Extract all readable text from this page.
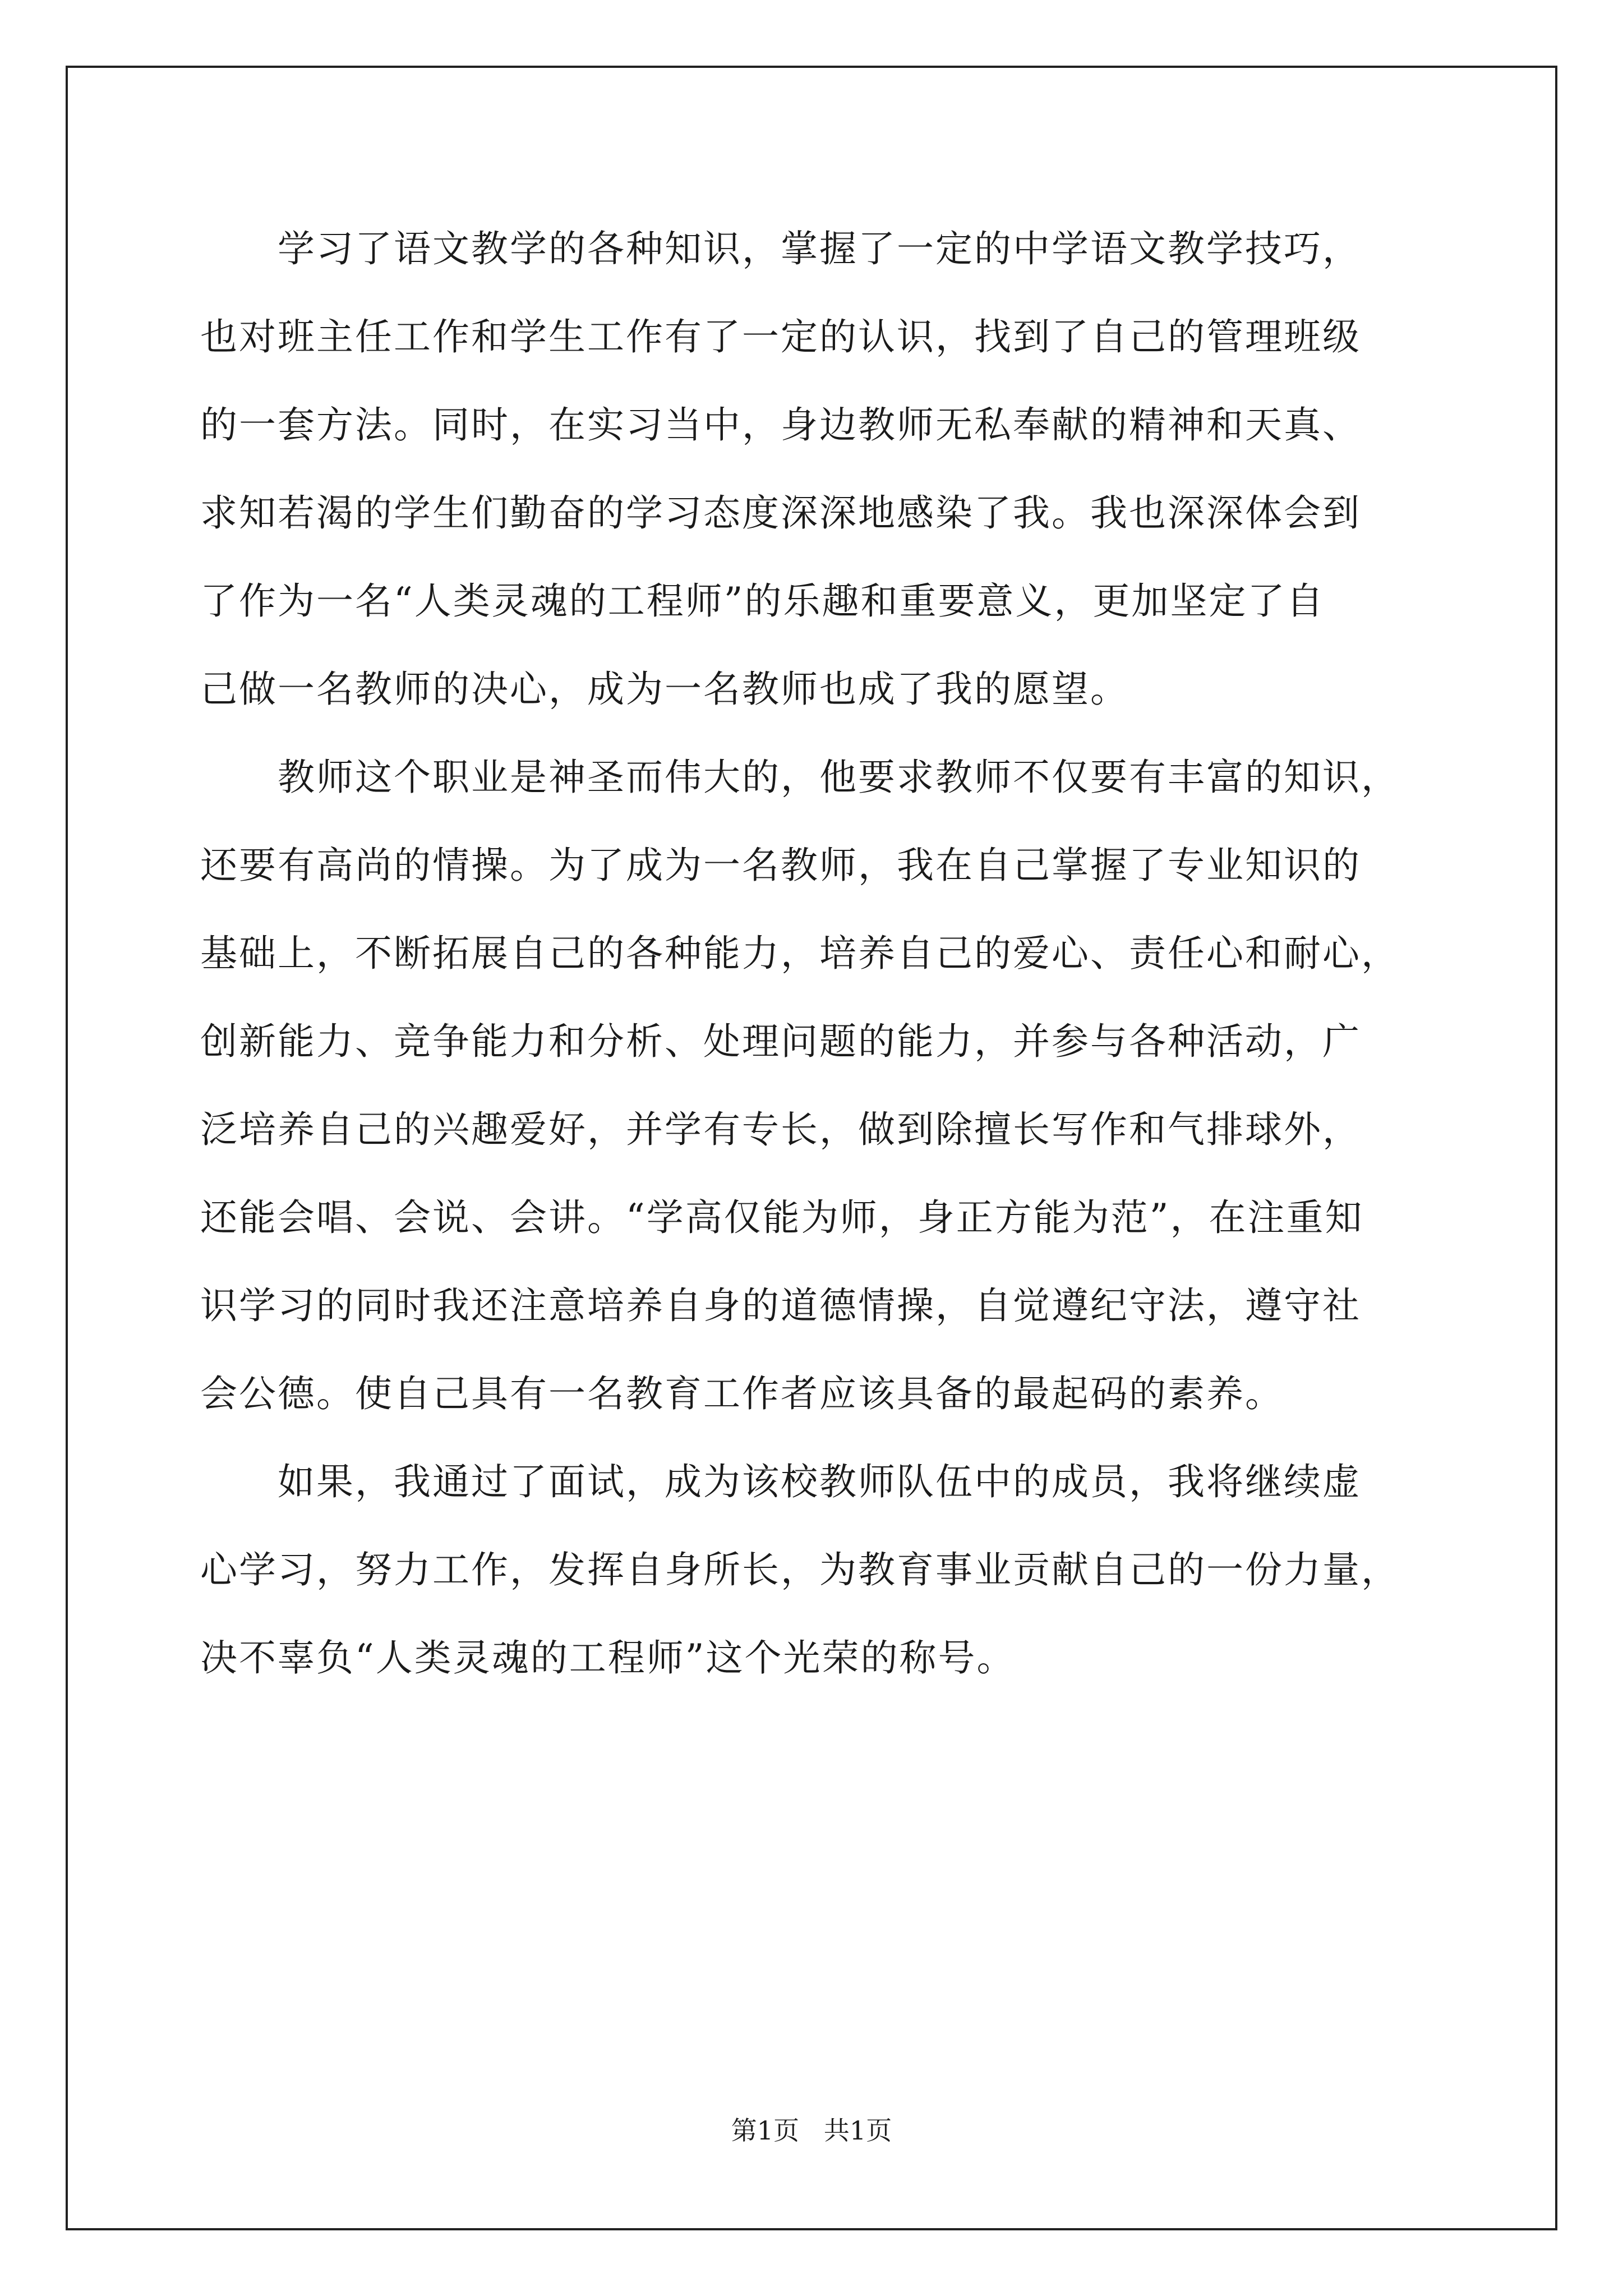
　　学习了语文教学的各种知识，掌握了一定的中学语文教学技巧，
也对班主任工作和学生工作有了一定的认识，找到了自己的管理班级
的一套方法。同时，在实习当中，身边教师无私奉献的精神和天真、
求知若渴的学生们勤奋的学习态度深深地感染了我。我也深深体会到
了作为一名“人类灵魂的工程师”的乐趣和重要意义，更加坚定了自
己做一名教师的决心，成为一名教师也成了我的愿望。
　　教师这个职业是神圣而伟大的，他要求教师不仅要有丰富的知识，
还要有高尚的情操。为了成为一名教师，我在自己掌握了专业知识的
基础上，不断拓展自己的各种能力，培养自己的爱心、责任心和耐心，
创新能力、竞争能力和分析、处理问题的能力，并参与各种活动，广
泛培养自己的兴趣爱好，并学有专长，做到除擅长写作和气排球外，
还能会唱、会说、会讲。“学高仅能为师，身正方能为范”，在注重知
识学习的同时我还注意培养自身的道德情操，自觉遵纪守法，遵守社
会公德。使自己具有一名教育工作者应该具备的最起码的素养。
　　如果，我通过了面试，成为该校教师队伍中的成员，我将继续虚
心学习，努力工作，发挥自身所长，为教育事业贡献自己的一份力量，
决不辜负“人类灵魂的工程师”这个光荣的称号。
第1页   共1页
